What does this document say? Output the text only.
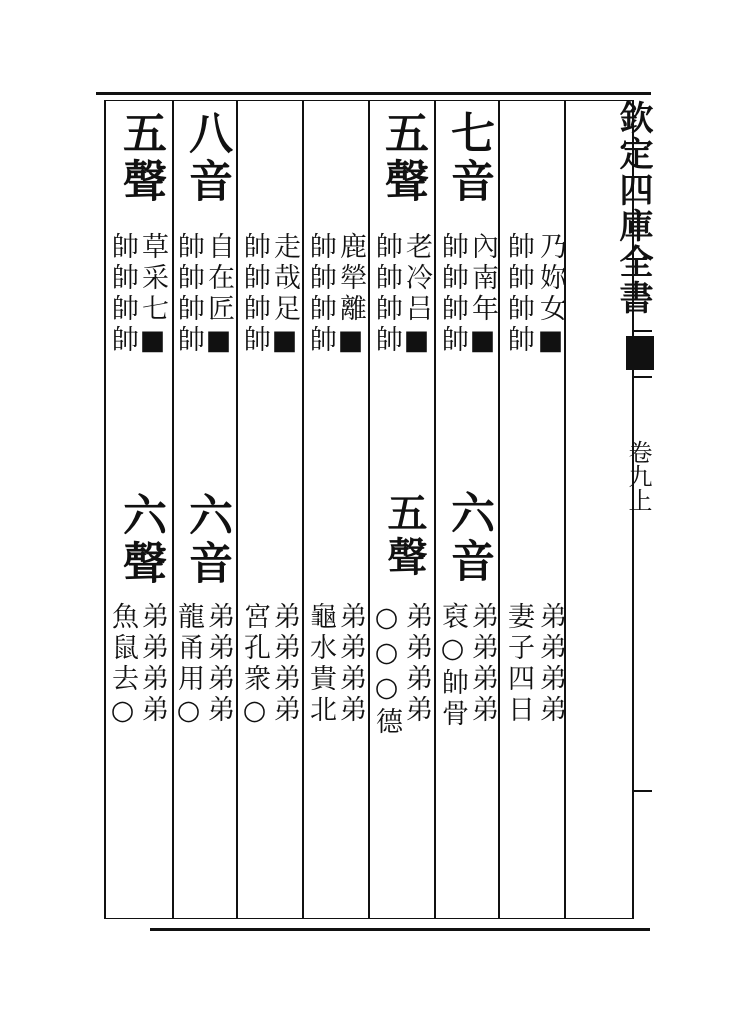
欽定四庫全書
卷九上
乃妳女■
帥帥帥帥
弟弟弟弟
妻子四日
七音
內南年■
帥帥帥帥
六音
弟弟弟弟
裒○帥骨
五聲
老冷吕■
帥帥帥帥
五聲
弟弟弟弟
○○○德
鹿犖離■
帥帥帥帥
弟弟弟弟
龜水貴北
走哉足■
帥帥帥帥
弟弟弟弟
宮孔衆○
八音
自在匠■
帥帥帥帥
六音
弟弟弟弟
龍甬用○
五聲
草采七■
帥帥帥帥
六聲
弟弟弟弟
魚鼠去○
